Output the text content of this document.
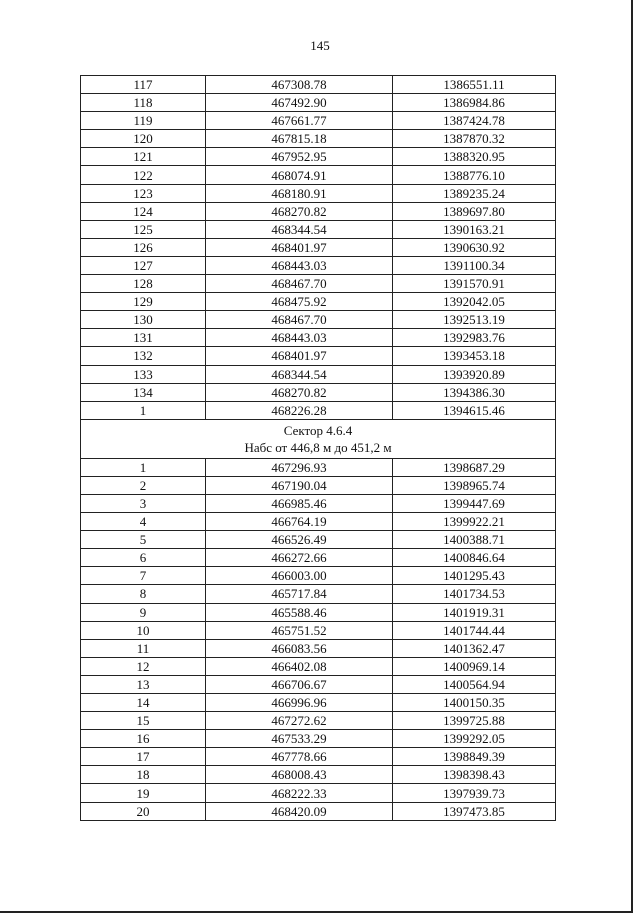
145
117	467308.78	1386551.11
118	467492.90	1386984.86
119	467661.77	1387424.78
120	467815.18	1387870.32
121	467952.95	1388320.95
122	468074.91	1388776.10
123	468180.91	1389235.24
124	468270.82	1389697.80
125	468344.54	1390163.21
126	468401.97	1390630.92
127	468443.03	1391100.34
128	468467.70	1391570.91
129	468475.92	1392042.05
130	468467.70	1392513.19
131	468443.03	1392983.76
132	468401.97	1393453.18
133	468344.54	1393920.89
134	468270.82	1394386.30
1	468226.28	1394615.46

Сектор 4.6.4
Набс от 446,8 м до 451,2 м		

1	467296.93	1398687.29
2	467190.04	1398965.74
3	466985.46	1399447.69
4	466764.19	1399922.21
5	466526.49	1400388.71
6	466272.66	1400846.64
7	466003.00	1401295.43
8	465717.84	1401734.53
9	465588.46	1401919.31
10	465751.52	1401744.44
11	466083.56	1401362.47
12	466402.08	1400969.14
13	466706.67	1400564.94
14	466996.96	1400150.35
15	467272.62	1399725.88
16	467533.29	1399292.05
17	467778.66	1398849.39
18	468008.43	1398398.43
19	468222.33	1397939.73
20	468420.09	1397473.85
